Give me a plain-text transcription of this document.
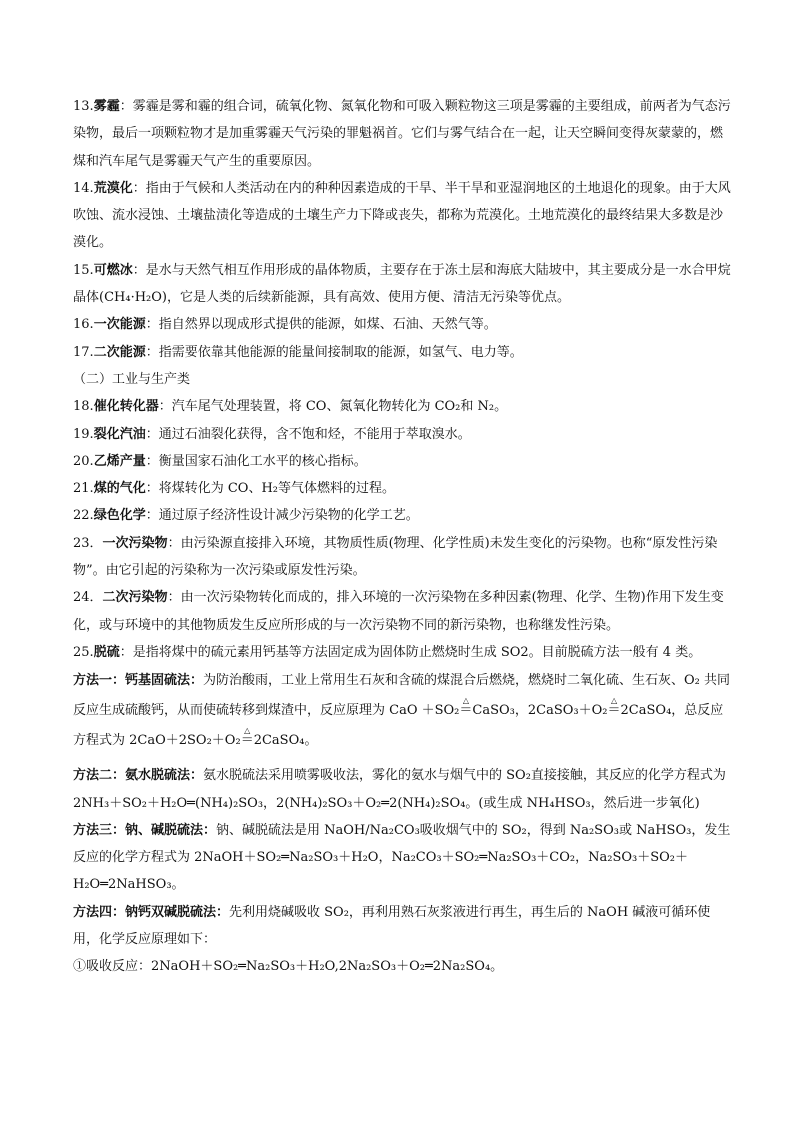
13.雾霾：雾霾是雾和霾的组合词，硫氧化物、氮氧化物和可吸入颗粒物这三项是雾霾的主要组成，前两者为气态污染物，最后一项颗粒物才是加重雾霾天气污染的罪魁祸首。它们与雾气结合在一起，让天空瞬间变得灰蒙蒙的，燃煤和汽车尾气是雾霾天气产生的重要原因。

14.荒漠化：指由于气候和人类活动在内的种种因素造成的干旱、半干旱和亚湿润地区的土地退化的现象。由于大风吹蚀、流水浸蚀、土壤盐渍化等造成的土壤生产力下降或丧失，都称为荒漠化。土地荒漠化的最终结果大多数是沙漠化。

15.可燃冰：是水与天然气相互作用形成的晶体物质，主要存在于冻土层和海底大陆坡中，其主要成分是一水合甲烷晶体(CH₄·H₂O)，它是人类的后续新能源，具有高效、使用方便、清洁无污染等优点。

16.一次能源：指自然界以现成形式提供的能源，如煤、石油、天然气等。

17.二次能源：指需要依靠其他能源的能量间接制取的能源，如氢气、电力等。

（二）工业与生产类

18.催化转化器：汽车尾气处理装置，将 CO、氮氧化物转化为 CO₂和 N₂。

19.裂化汽油：通过石油裂化获得，含不饱和烃，不能用于萃取溴水。

20.乙烯产量：衡量国家石油化工水平的核心指标。

21.煤的气化：将煤转化为 CO、H₂等气体燃料的过程。

22.绿色化学：通过原子经济性设计减少污染物的化学工艺。

23．一次污染物：由污染源直接排入环境，其物质性质(物理、化学性质)未发生变化的污染物。也称“原发性污染物”。由它引起的污染称为一次污染或原发性污染。

24．二次污染物：由一次污染物转化而成的，排入环境的一次污染物在多种因素(物理、化学、生物)作用下发生变化，或与环境中的其他物质发生反应所形成的与一次污染物不同的新污染物，也称继发性污染。

25.脱硫：是指将煤中的硫元素用钙基等方法固定成为固体防止燃烧时生成 SO2。目前脱硫方法一般有 4 类。

方法一：钙基固硫法：为防治酸雨，工业上常用生石灰和含硫的煤混合后燃烧，燃烧时二氧化硫、生石灰、O₂ 共同反应生成硫酸钙，从而使硫转移到煤渣中，反应原理为 CaO ＋SO₂△ ＝CaSO₃，2CaSO₃＋O₂△ ＝2CaSO₄，总反应方程式为 2CaO＋2SO₂＋O₂△ ＝2CaSO₄。

方法二：氨水脱硫法：氨水脱硫法采用喷雾吸收法，雾化的氨水与烟气中的 SO₂直接接触，其反应的化学方程式为 2NH₃＋SO₂＋H₂O═(NH₄)₂SO₃，2(NH₄)₂SO₃＋O₂═2(NH₄)₂SO₄。(或生成 NH₄HSO₃，然后进一步氧化)

方法三：钠、碱脱硫法：钠、碱脱硫法是用 NaOH/Na₂CO₃吸收烟气中的 SO₂，得到 Na₂SO₃或 NaHSO₃，发生反应的化学方程式为 2NaOH＋SO₂═Na₂SO₃＋H₂O，Na₂CO₃＋SO₂═Na₂SO₃＋CO₂，Na₂SO₃＋SO₂＋H₂O═2NaHSO₃。

方法四：钠钙双碱脱硫法：先利用烧碱吸收 SO₂，再利用熟石灰浆液进行再生，再生后的 NaOH 碱液可循环使用，化学反应原理如下：

①吸收反应：2NaOH＋SO₂═Na₂SO₃＋H₂O,2Na₂SO₃＋O₂═2Na₂SO₄。
